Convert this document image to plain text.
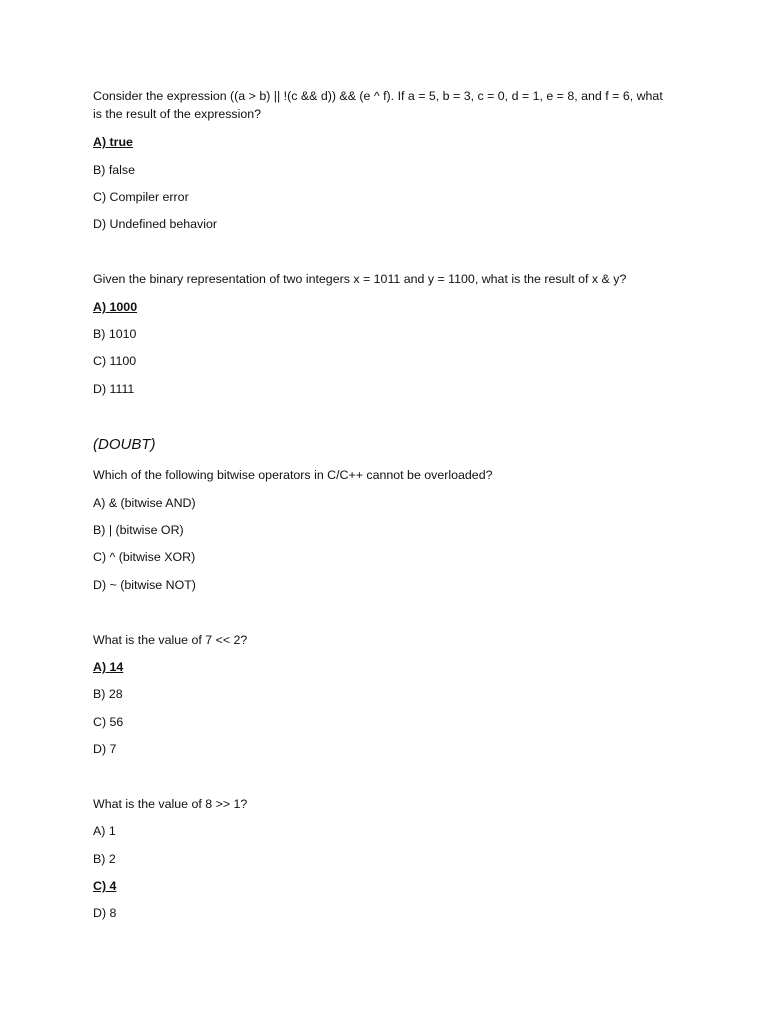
Consider the expression ((a > b) || !(c && d)) && (e ^ f). If a = 5, b = 3, c = 0, d = 1, e = 8, and f = 6, what is the result of the expression?
A) true
B) false
C) Compiler error
D) Undefined behavior
Given the binary representation of two integers x = 1011 and y = 1100, what is the result of x & y?
A) 1000
B) 1010
C) 1100
D) 1111
(DOUBT)
Which of the following bitwise operators in C/C++ cannot be overloaded?
A) & (bitwise AND)
B) | (bitwise OR)
C) ^ (bitwise XOR)
D) ~ (bitwise NOT)
What is the value of 7 << 2?
A) 14
B) 28
C) 56
D) 7
What is the value of 8 >> 1?
A) 1
B) 2
C) 4
D) 8
